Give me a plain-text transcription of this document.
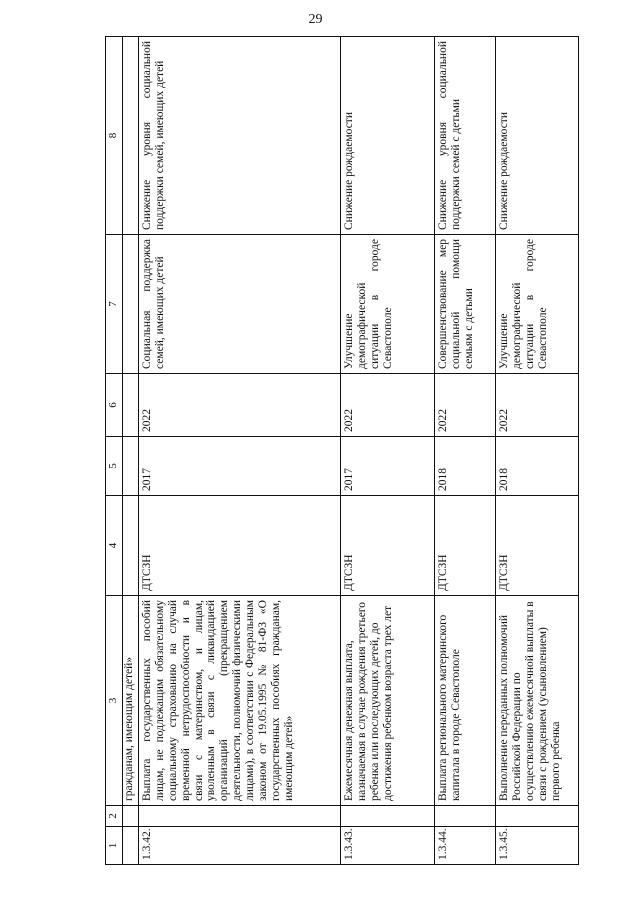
29
1	2	3	4	5	6	7	8
		гражданам, имеющим детей»					
1.3.42.		Выплата государственных пособий лицам, не подлежащим обязательному социальному страхованию на случай временной нетрудоспособности и в связи с материнством, и лицам, уволенным в связи с ликвидацией организаций (прекращением деятельности, полномочий физическими лицами), в соответствии с Федеральным законом от 19.05.1995 № 81-ФЗ «О государственных пособиях гражданам, имеющим детей»	ДТСЗН	2017	2022	Социальная поддержка семей, имеющих детей	Снижение уровня социальной поддержки семей, имеющих детей
1.3.43.		Ежемесячная денежная выплата, назначаемая в случае рождения третьего ребенка или последующих детей, до достижения ребенком возраста трех лет	ДТСЗН	2017	2022	Улучшение демографической ситуации в городе Севастополе	Снижение рождаемости
1.3.44.		Выплата регионального материнского капитала в городе Севастополе	ДТСЗН	2018	2022	Совершенствование мер социальной помощи семьям с детьми	Снижение уровня социальной поддержки семей с детьми
1.3.45.		Выполнение переданных полномочий Российской Федерации по осуществлению ежемесячной выплаты в связи с рождением (усыновлением) первого ребенка	ДТСЗН	2018	2022	Улучшение демографической ситуации в городе Севастополе	Снижение рождаемости
